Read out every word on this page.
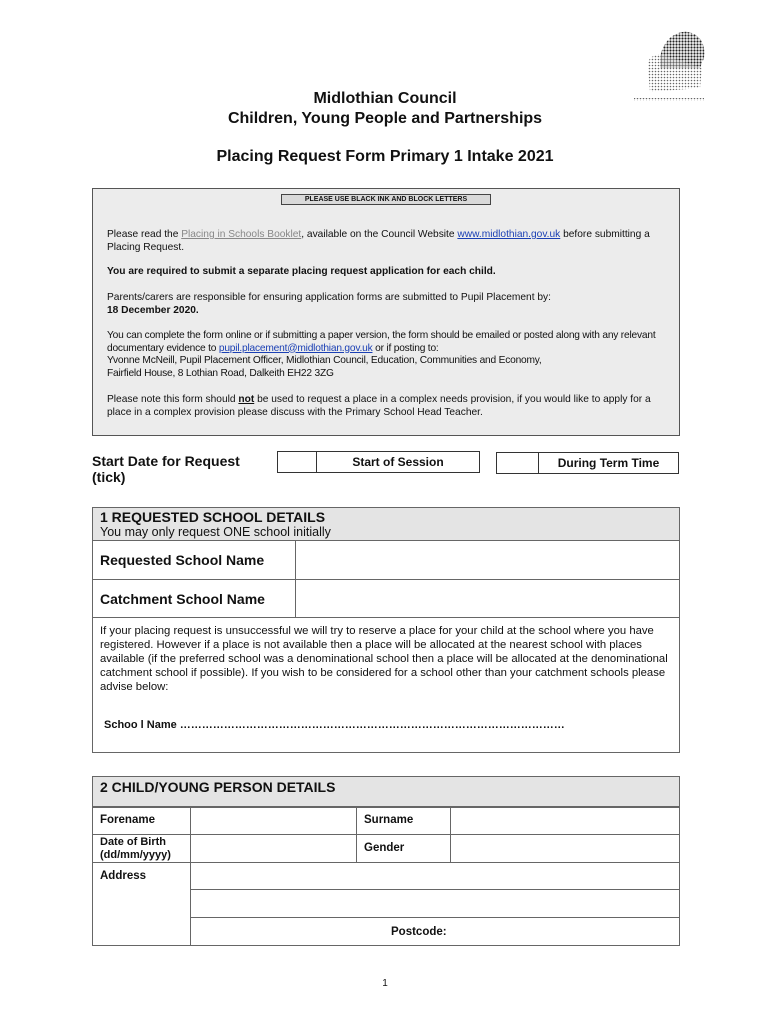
Midlothian Council
Children, Young People and Partnerships
Placing Request Form Primary 1 Intake 2021
PLEASE USE BLACK INK AND BLOCK LETTERS
Please read the Placing in Schools Booklet, available on the Council Website www.midlothian.gov.uk before submitting a Placing Request.
You are required to submit a separate placing request application for each child.
Parents/carers are responsible for ensuring application forms are submitted to Pupil Placement by:
18 December 2020.
You can complete the form online or if submitting a paper version, the form should be emailed or posted along with any relevant documentary evidence to pupil.placement@midlothian.gov.uk or if posting to:
Yvonne McNeill, Pupil Placement Officer, Midlothian Council, Education, Communities and Economy,
Fairfield House, 8 Lothian Road, Dalkeith EH22 3ZG
Please note this form should not be used to request a place in a complex needs provision, if you would like to apply for a place in a complex provision please discuss with the Primary School Head Teacher.
Start Date for Request (tick)
Start of Session	During Term Time
1 REQUESTED SCHOOL DETAILS
You may only request ONE school initially
Requested School Name
Catchment School Name
If your placing request is unsuccessful we will try to reserve a place for your child at the school where you have registered. However if a place is not available then a place will be allocated at the nearest school with places available (if the preferred school was a denominational school then a place will be allocated at the denominational catchment school if possible). If you wish to be considered for a school other than your catchment schools please advise below:
Schoo l Name ……………………………………………………………………………………………
2 CHILD/YOUNG PERSON DETAILS
Forename	Surname
Date of Birth (dd/mm/yyyy)
Gender
Address
Postcode:
1
